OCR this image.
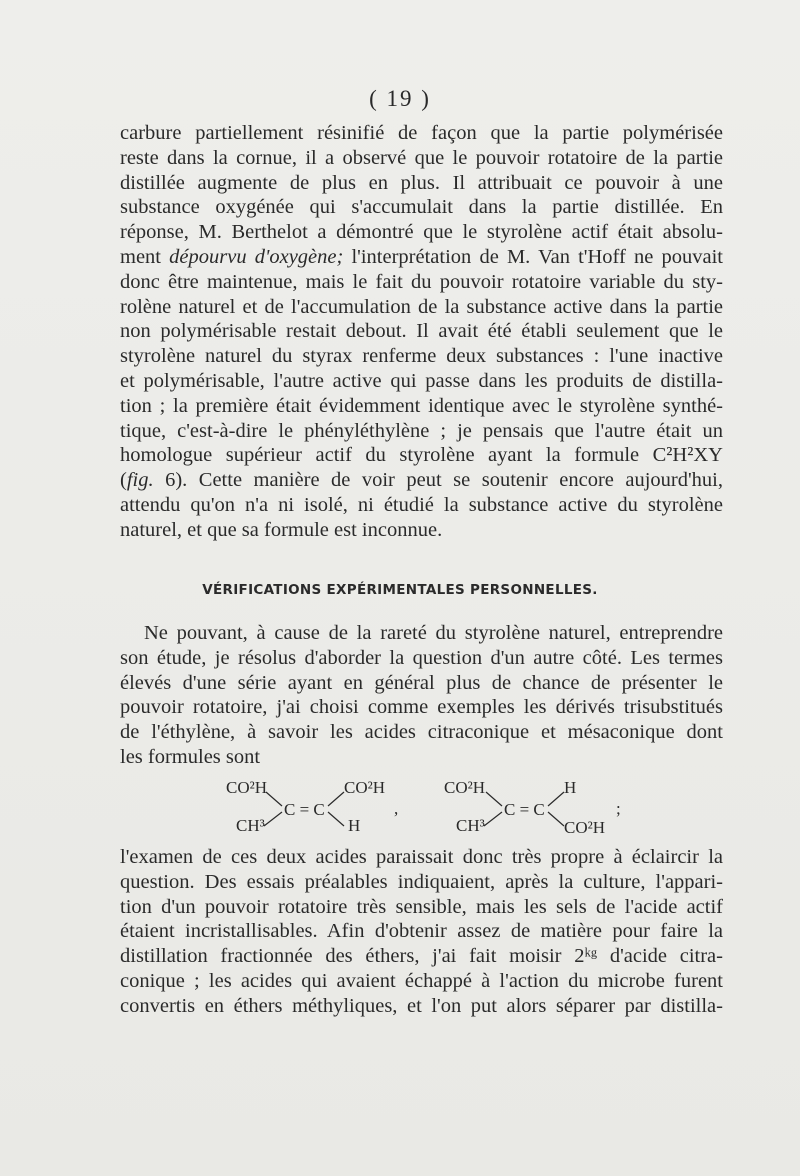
( 19 )
carbure partiellement résinifié de façon que la partie polymérisée
reste dans la cornue, il a observé que le pouvoir rotatoire de la partie
distillée augmente de plus en plus. Il attribuait ce pouvoir à une
substance oxygénée qui s'accumulait dans la partie distillée. En
réponse, M. Berthelot a démontré que le styrolène actif était absolu-
ment dépourvu d'oxygène; l'interprétation de M. Van t'Hoff ne pouvait
donc être maintenue, mais le fait du pouvoir rotatoire variable du sty-
rolène naturel et de l'accumulation de la substance active dans la partie
non polymérisable restait debout. Il avait été établi seulement que le
styrolène naturel du styrax renferme deux substances : l'une inactive
et polymérisable, l'autre active qui passe dans les produits de distilla-
tion ; la première était évidemment identique avec le styrolène synthé-
tique, c'est-à-dire le phényléthylène ; je pensais que l'autre était un
homologue supérieur actif du styrolène ayant la formule C²H²XY
(fig. 6). Cette manière de voir peut se soutenir encore aujourd'hui,
attendu qu'on n'a ni isolé, ni étudié la substance active du styrolène
naturel, et que sa formule est inconnue.
VÉRIFICATIONS EXPÉRIMENTALES PERSONNELLES.
Ne pouvant, à cause de la rareté du styrolène naturel, entreprendre
son étude, je résolus d'aborder la question d'un autre côté. Les termes
élevés d'une série ayant en général plus de chance de présenter le
pouvoir rotatoire, j'ai choisi comme exemples les dérivés trisubstitués
de l'éthylène, à savoir les acides citraconique et mésaconique dont
les formules sont
CO²H
CH³
C = C
CO²H
H
,
CO²H
CH³
C = C
H
CO²H
;
l'examen de ces deux acides paraissait donc très propre à éclaircir la
question. Des essais préalables indiquaient, après la culture, l'appari-
tion d'un pouvoir rotatoire très sensible, mais les sels de l'acide actif
étaient incristallisables. Afin d'obtenir assez de matière pour faire la
distillation fractionnée des éthers, j'ai fait moisir 2ᵏᵍ d'acide citra-
conique ; les acides qui avaient échappé à l'action du microbe furent
convertis en éthers méthyliques, et l'on put alors séparer par distilla-
